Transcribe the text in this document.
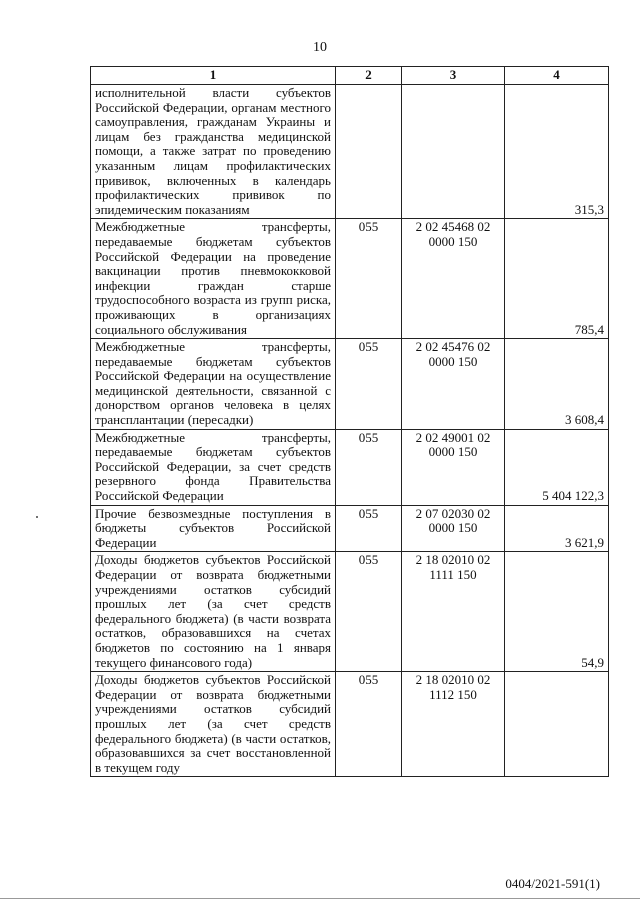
10
1	2	3	4
исполнительной власти субъектов Российской Федерации, органам местного самоуправления, гражданам Украины и лицам без гражданства медицинской помощи, а также затрат по проведению указанным лицам профилактических прививок, включенных в календарь профилактических прививок по эпидемическим показаниям			315,3
Межбюджетные трансферты, передаваемые бюджетам субъектов Российской Федерации на проведение вакцинации против пневмококковой инфекции граждан старше трудоспособного возраста из групп риска, проживающих в организациях социального обслуживания	055	2 02 45468 02 0000 150	785,4
Межбюджетные трансферты, передаваемые бюджетам субъектов Российской Федерации на осуществление медицинской деятельности, связанной с донорством органов человека в целях трансплантации (пересадки)	055	2 02 45476 02 0000 150	3 608,4
Межбюджетные трансферты, передаваемые бюджетам субъектов Российской Федерации, за счет средств резервного фонда Правительства Российской Федерации	055	2 02 49001 02 0000 150	5 404 122,3
Прочие безвозмездные поступления в бюджеты субъектов Российской Федерации	055	2 07 02030 02 0000 150	3 621,9
Доходы бюджетов субъектов Российской Федерации от возврата бюджетными учреждениями остатков субсидий прошлых лет (за счет средств федерального бюджета) (в части возврата остатков, образовавшихся на счетах бюджетов по состоянию на 1 января текущего финансового года)	055	2 18 02010 02 1111 150	54,9
Доходы бюджетов субъектов Российской Федерации от возврата бюджетными учреждениями остатков субсидий прошлых лет (за счет средств федерального бюджета) (в части остатков, образовавшихся за счет восстановленной в текущем году	055	2 18 02010 02 1112 150	
0404/2021-591(1)
